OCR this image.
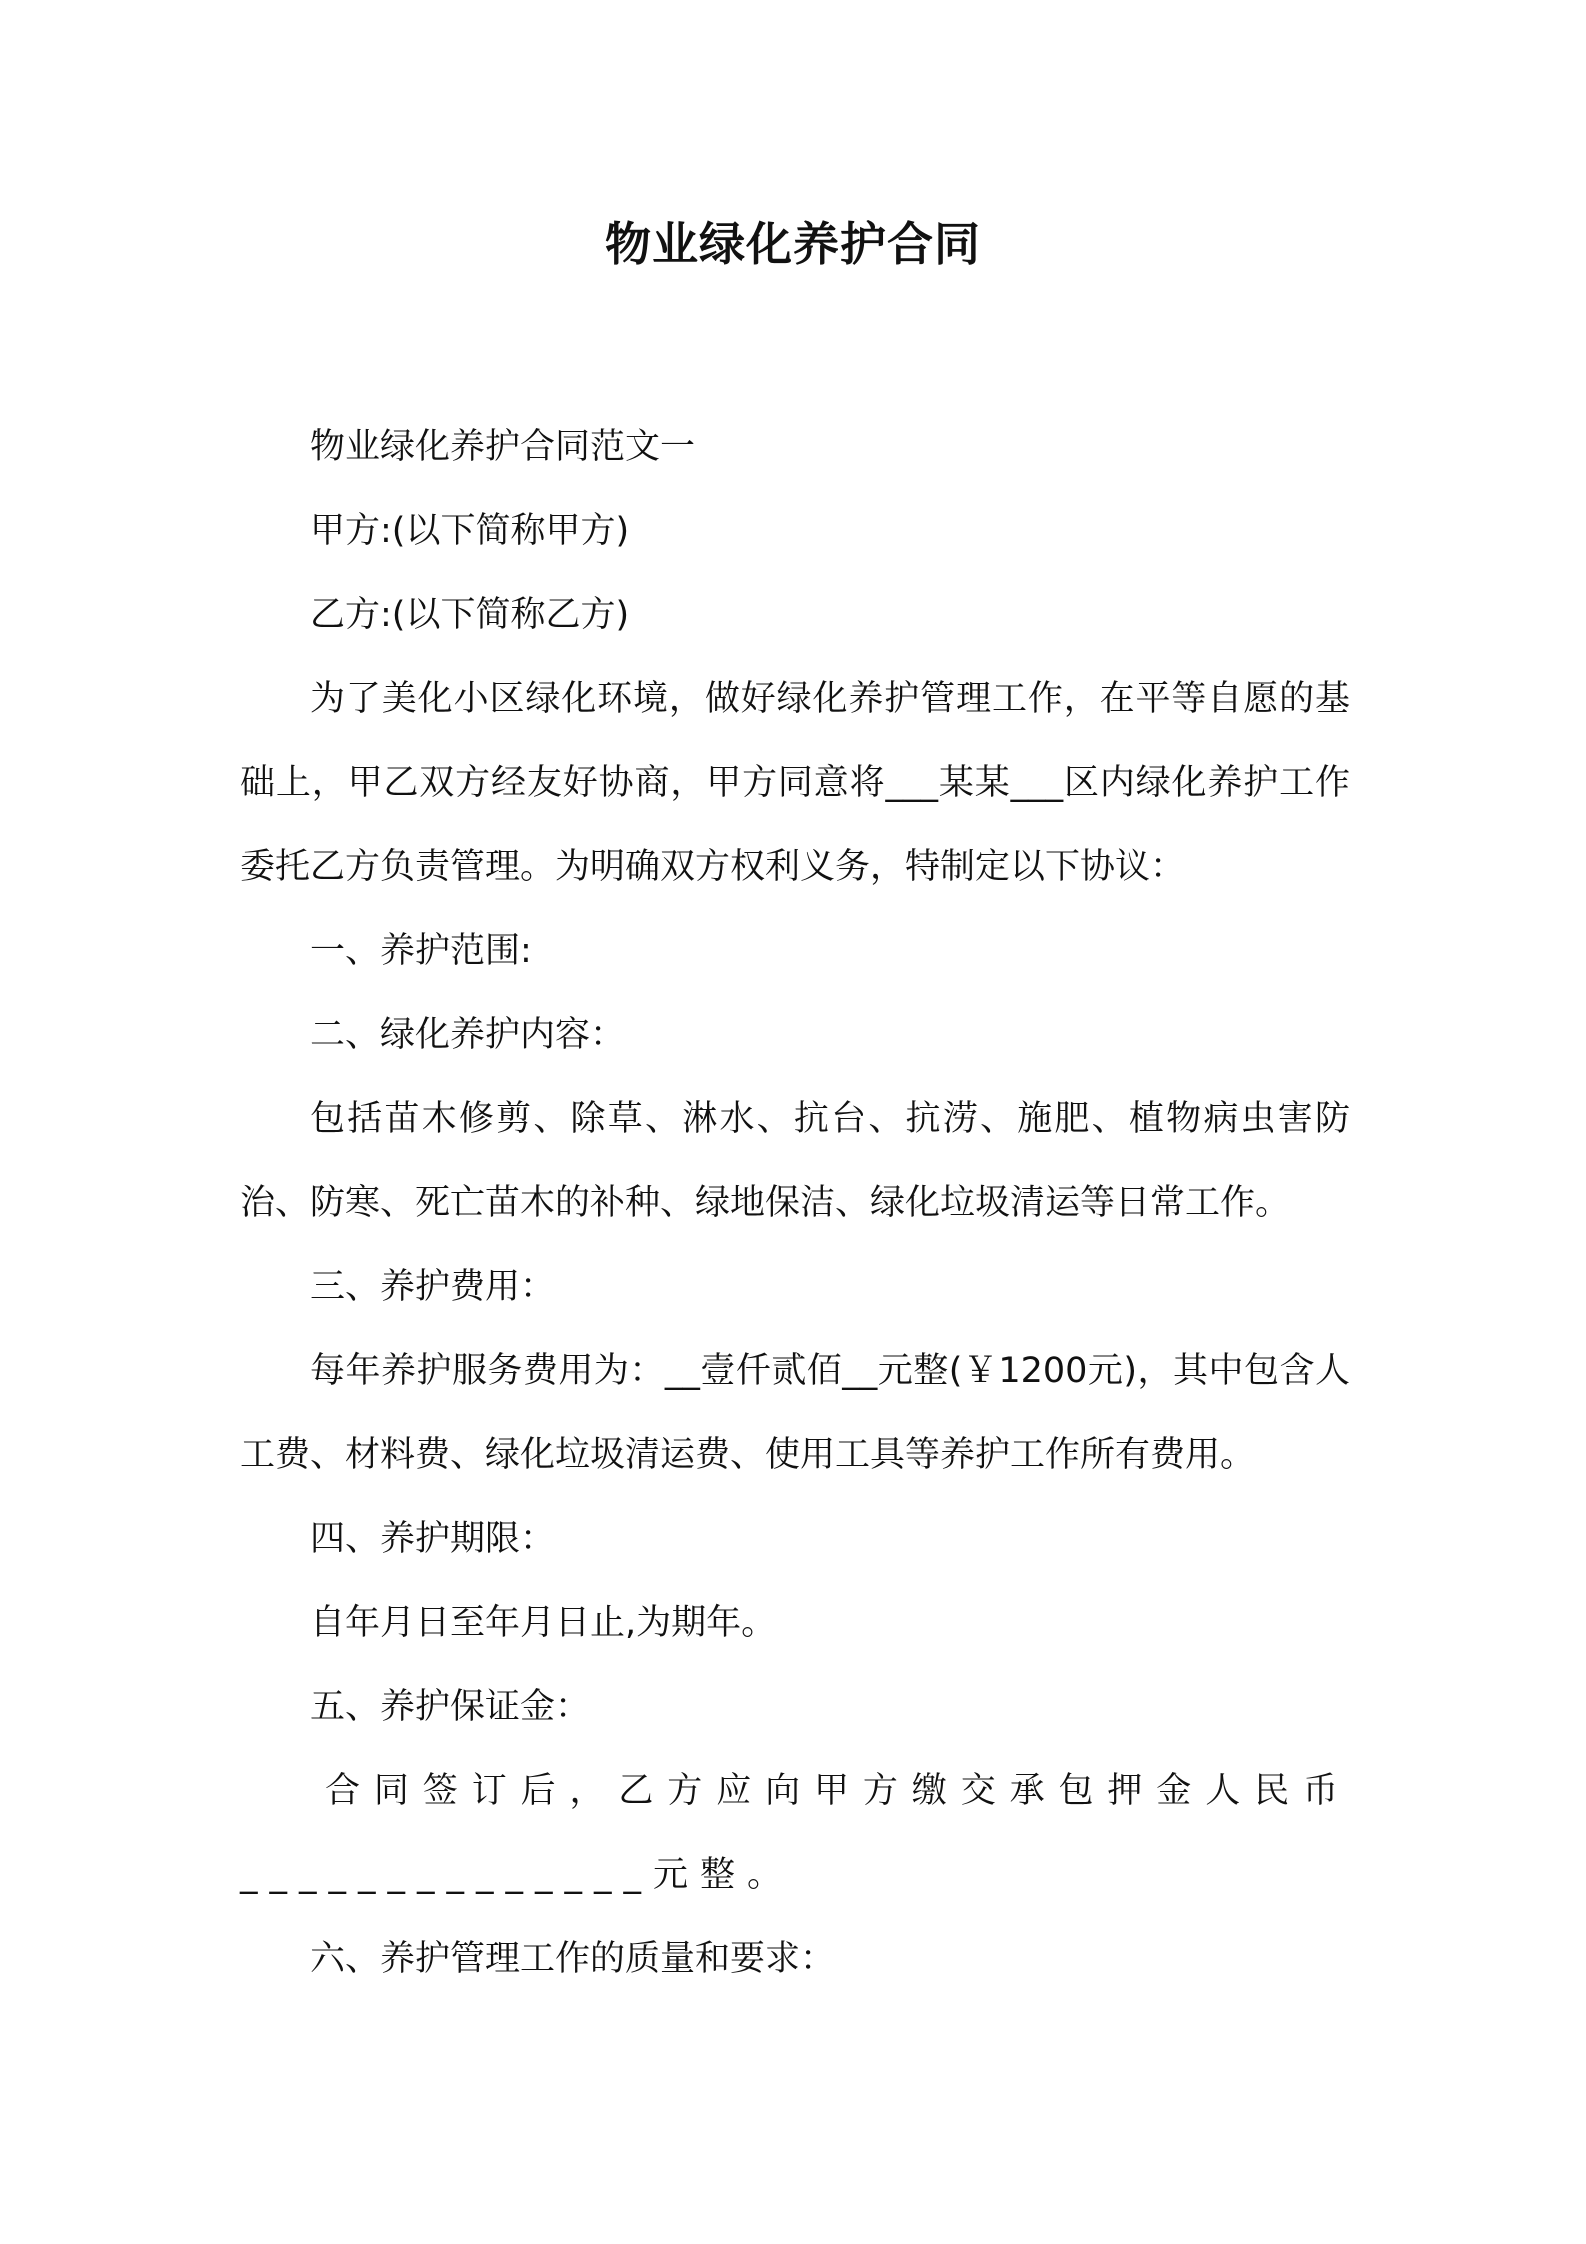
物业绿化养护合同

物业绿化养护合同范文一

甲方:(以下简称甲方)

乙方:(以下简称乙方)

为了美化小区绿化环境，做好绿化养护管理工作，在平等自愿的基础上，甲乙双方经友好协商，甲方同意将___某某___区内绿化养护工作委托乙方负责管理。为明确双方权利义务，特制定以下协议：

一、养护范围:

二、绿化养护内容：

包括苗木修剪、除草、淋水、抗台、抗涝、施肥、植物病虫害防治、防寒、死亡苗木的补种、绿地保洁、绿化垃圾清运等日常工作。

三、养护费用：

每年养护服务费用为：__壹仟贰佰__元整(￥1200元)，其中包含人工费、材料费、绿化垃圾清运费、使用工具等养护工作所有费用。

四、养护期限：

自年月日至年月日止,为期年。

五、养护保证金：

合同签订后，乙方应向甲方缴交承包押金人民币______________元整。

六、养护管理工作的质量和要求：
